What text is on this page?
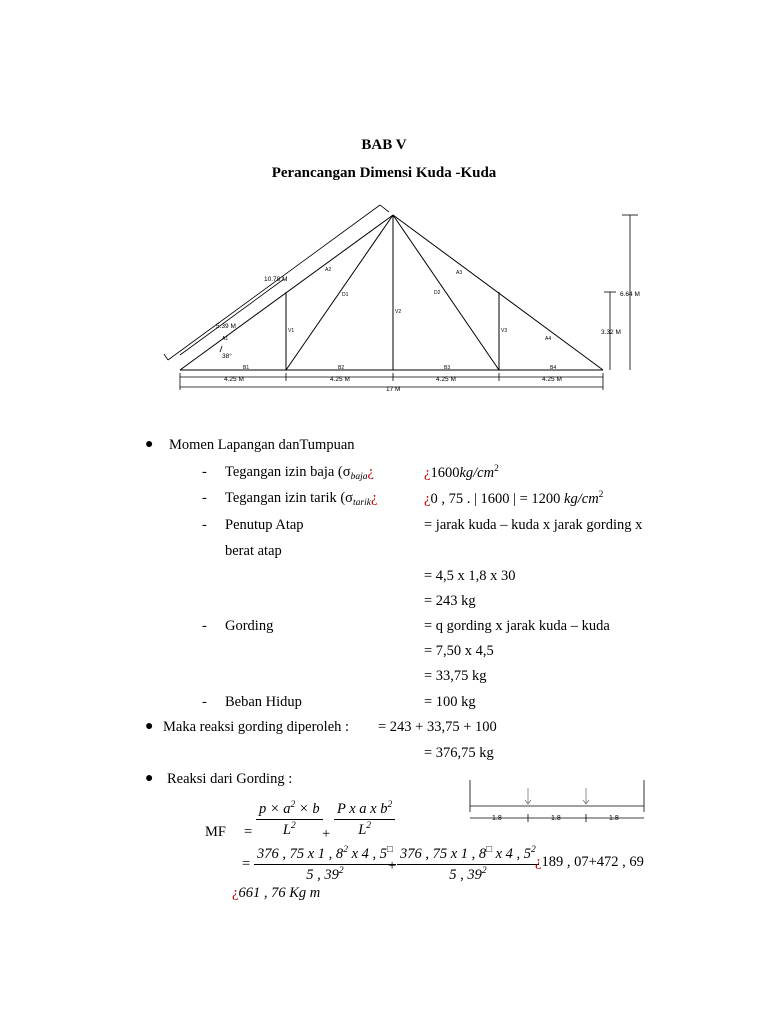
BAB V
Perancangan Dimensi Kuda -Kuda
10.78 M
5.39 M
38°
6.64 M
3.32 M
4.25 M	4.25 M	4.25 M	4.25 M
17 M
A1
A2	A3
A4
B1	B2	B3	B4
V1
V2
V3
D1	D2
● Momen Lapangan danTumpuan
- Tegangan izin baja ($\sigma_{baja}¿$	¿$1600kg/cm^2$
- Tegangan izin tarik ($\sigma_{tarik}¿$	¿0 , 75 . | 1600 | = 1200 $kg/cm^2$
- Penutup Atap	= jarak kuda – kuda x jarak gording x
berat atap
= 4,5 x 1,8 x 30
= 243 kg
- Gording	= q gording x jarak kuda – kuda
= 7,50 x 4,5
= 33,75 kg
- Beban Hidup	= 100 kg
● Maka reaksi gording diperoleh : = 243 + 33,75 + 100
= 376,75 kg
● Reaksi dari Gording :
1.8	1.8	1.8
MF = $\frac{p \times a^2 \times b}{L^2} + \frac{P x a x b^2}{L^2}$
= $\frac{376 , 75 x 1 , 8^2 x 4 , 5^□}{5 , 39^2}$
+ $\frac{376 , 75 x 1 , 8^□ x 4 , 5^2}{5 , 39^2}$
¿189 , 07+472 , 69
¿661 , 76 Kg m
